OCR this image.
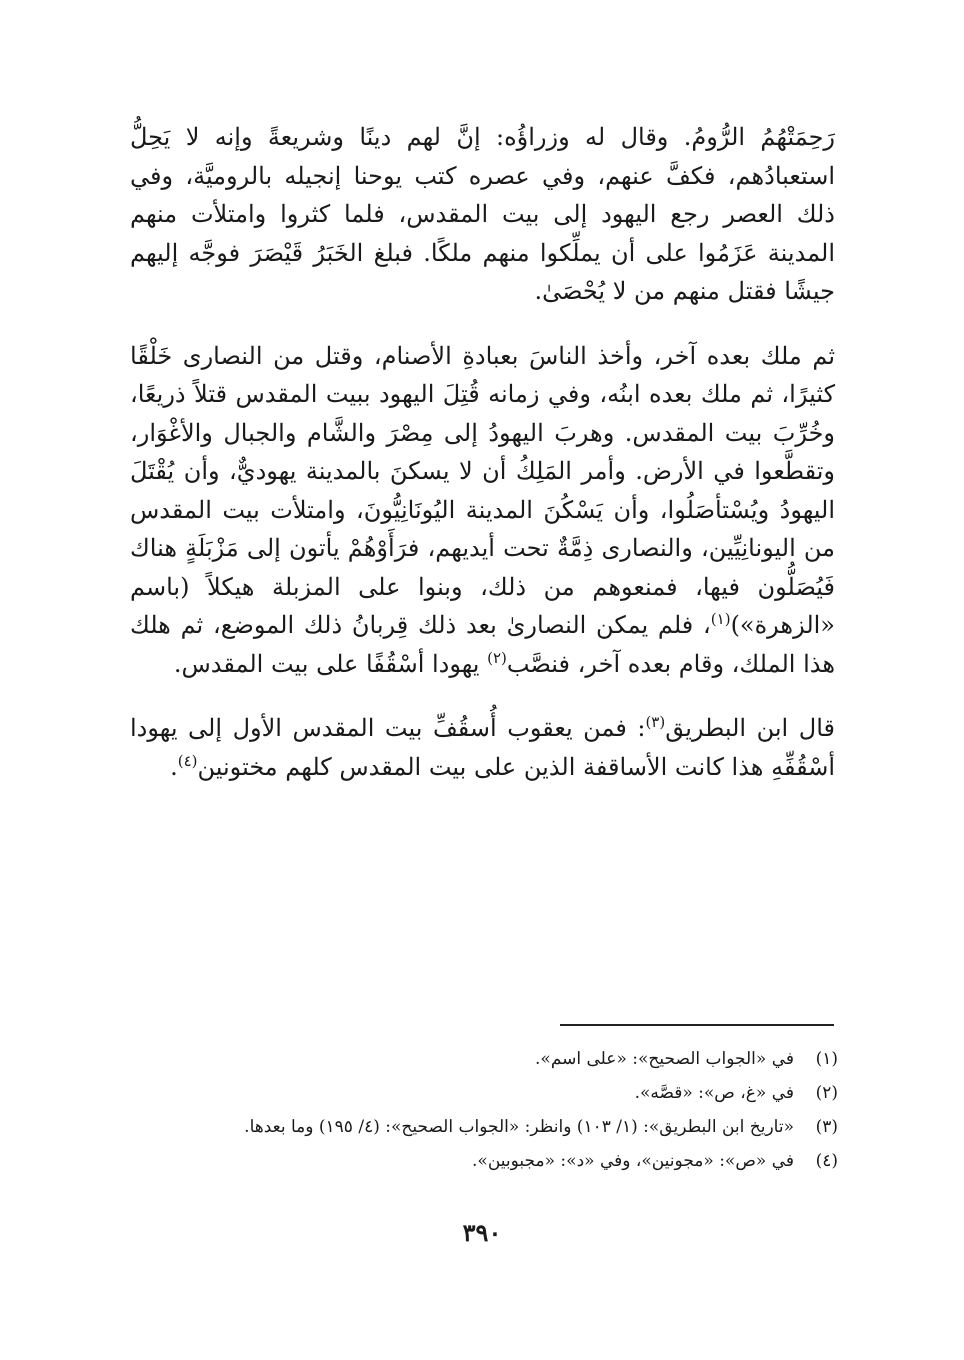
رَحِمَتْهُمُ الرُّومُ. وقال له وزراؤُه: إنَّ لهم دينًا وشريعةً وإنه لا يَحِلُّ استعبادُهم، فكفَّ عنهم، وفي عصره كتب يوحنا إنجيله بالروميَّة، وفي ذلك العصر رجع اليهود إلى بيت المقدس، فلما كثروا وامتلأت منهم المدينة عَزَمُوا على أن يملِّكوا منهم ملكًا. فبلغ الخَبَرُ قَيْصَرَ فوجَّه إليهم جيشًا فقتل منهم من لا يُحْصَىٰ.

ثم ملك بعده آخر، وأخذ الناسَ بعبادةِ الأصنام، وقتل من النصارى خَلْقًا كثيرًا، ثم ملك بعده ابنُه، وفي زمانه قُتِلَ اليهود ببيت المقدس قتلاً ذريعًا، وخُرِّبَ بيت المقدس. وهربَ اليهودُ إلى مِصْرَ والشَّام والجبال والأغْوَار، وتقطَّعوا في الأرض. وأمر المَلِكُ أن لا يسكنَ بالمدينة يهوديٌّ، وأن يُقْتَلَ اليهودُ ويُسْتأصَلُوا، وأن يَسْكُنَ المدينة اليُونَانِيُّونَ، وامتلأت بيت المقدس من اليونانِيِّين، والنصارى ذِمَّةٌ تحت أيديهم، فرَأَوْهُمْ يأتون إلى مَزْبَلَةٍ هناك فَيُصَلُّون فيها، فمنعوهم من ذلك، وبنوا على المزبلة هيكلاً (باسم «الزهرة»)$^{(١)}$، فلم يمكن النصارىٰ بعد ذلك قِربانُ ذلك الموضع، ثم هلك هذا الملك، وقام بعده آخر، فنصَّب$^{(٢)}$ يهودا أسْقُفًا على بيت المقدس.

قال ابن البطريق$^{(٣)}$: فمن يعقوب أُسقُفِّ بيت المقدس الأول إلى يهودا أسْقُفِّهِ هذا كانت الأساقفة الذين على بيت المقدس كلهم مختونين$^{(٤)}$.

(١)
في «الجواب الصحيح»: «على اسم».
(٢)
في «غ، ص»: «قصَّه».
(٣)
«تاريخ ابن البطريق»: (١/ ١٠٣) وانظر: «الجواب الصحيح»: (٤/ ١٩٥) وما بعدها.
(٤)
في «ص»: «مجونين»، وفي «د»: «مجبوبين».
٣٩٠
